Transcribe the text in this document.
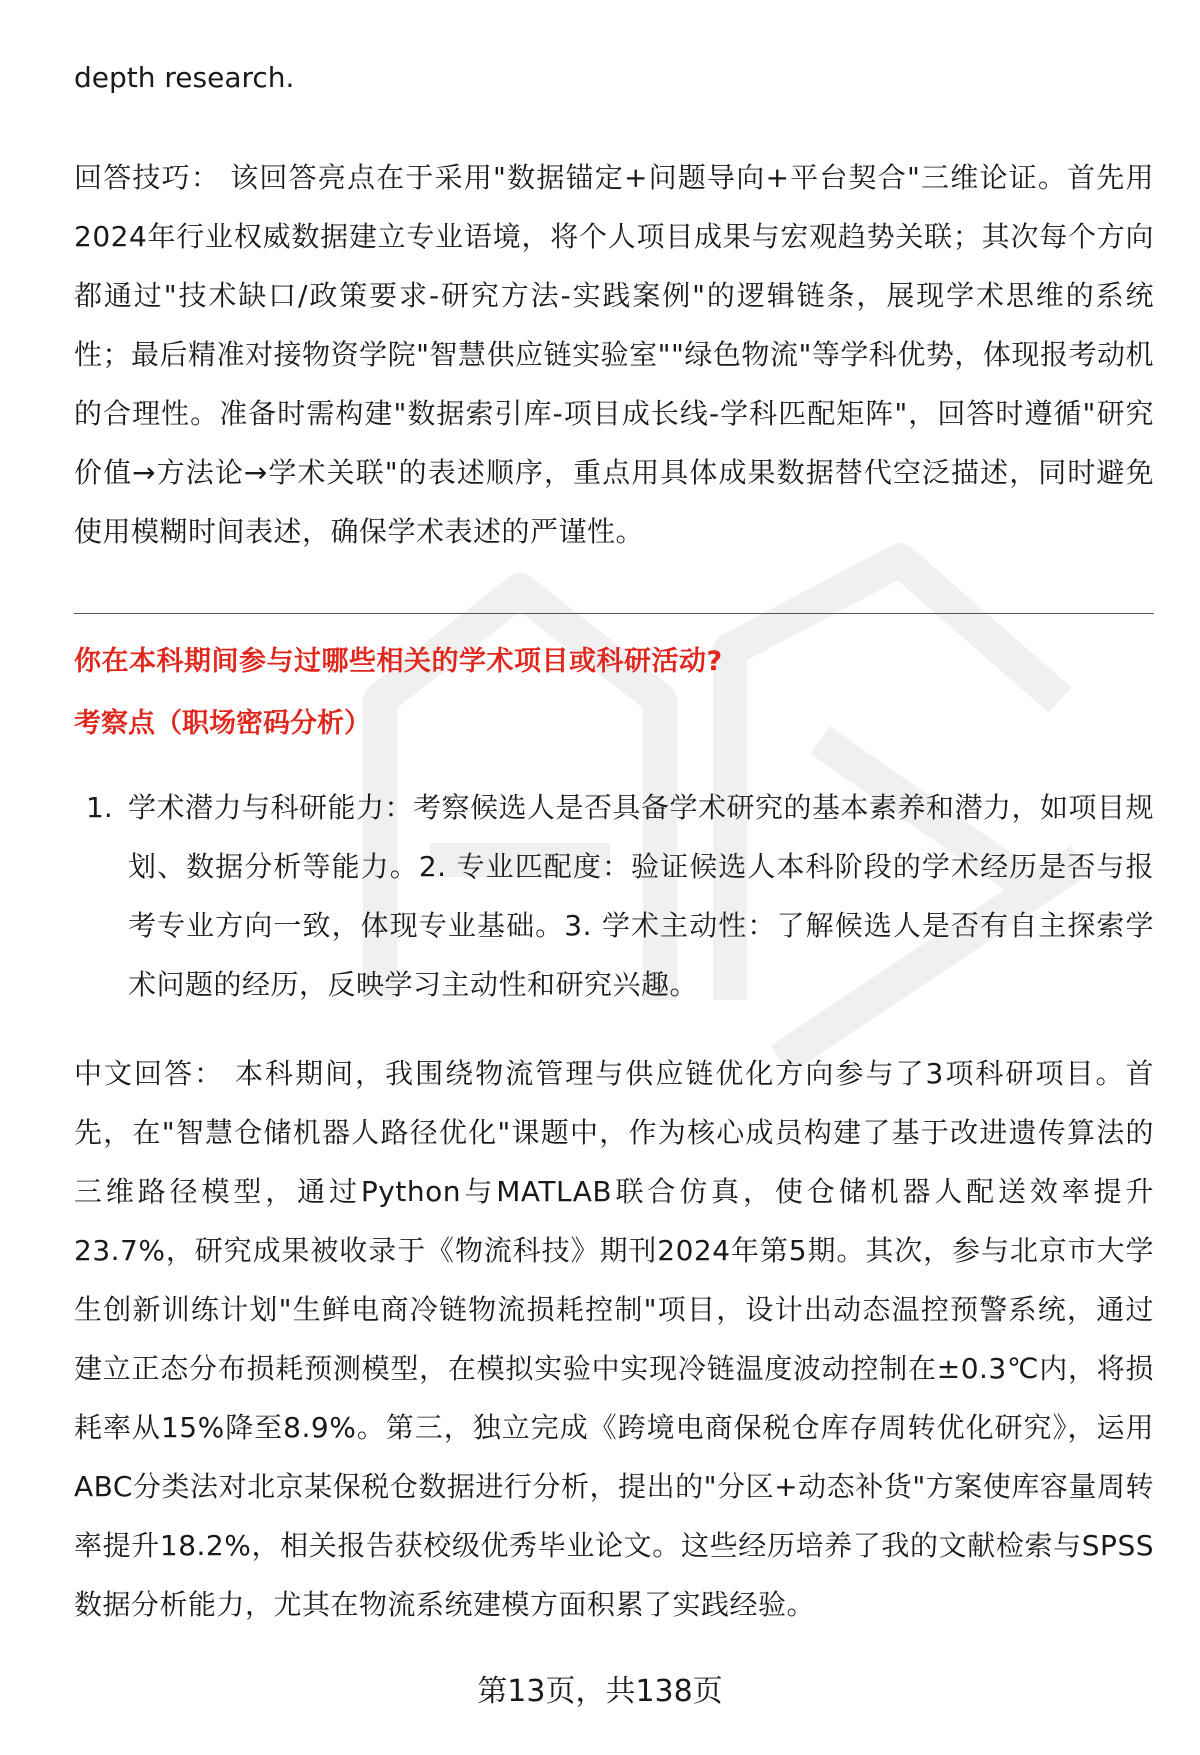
depth research.

回答技巧： 该回答亮点在于采用"数据锚定+问题导向+平台契合"三维论证。首先用2024年行业权威数据建立专业语境，将个人项目成果与宏观趋势关联；其次每个方向都通过"技术缺口/政策要求-研究方法-实践案例"的逻辑链条，展现学术思维的系统性；最后精准对接物资学院"智慧供应链实验室""绿色物流"等学科优势，体现报考动机的合理性。准备时需构建"数据索引库-项目成长线-学科匹配矩阵"，回答时遵循"研究价值→方法论→学术关联"的表述顺序，重点用具体成果数据替代空泛描述，同时避免使用模糊时间表述，确保学术表述的严谨性。

你在本科期间参与过哪些相关的学术项目或科研活动?

考察点（职场密码分析）

1. 学术潜力与科研能力：考察候选人是否具备学术研究的基本素养和潜力，如项目规划、数据分析等能力。2. 专业匹配度：验证候选人本科阶段的学术经历是否与报考专业方向一致，体现专业基础。3. 学术主动性：了解候选人是否有自主探索学术问题的经历，反映学习主动性和研究兴趣。

中文回答： 本科期间，我围绕物流管理与供应链优化方向参与了3项科研项目。首先，在"智慧仓储机器人路径优化"课题中，作为核心成员构建了基于改进遗传算法的三维路径模型，通过Python与MATLAB联合仿真，使仓储机器人配送效率提升23.7%，研究成果被收录于《物流科技》期刊2024年第5期。其次，参与北京市大学生创新训练计划"生鲜电商冷链物流损耗控制"项目，设计出动态温控预警系统，通过建立正态分布损耗预测模型，在模拟实验中实现冷链温度波动控制在±0.3℃内，将损耗率从15%降至8.9%。第三，独立完成《跨境电商保税仓库存周转优化研究》，运用ABC分类法对北京某保税仓数据进行分析，提出的"分区+动态补货"方案使库容量周转率提升18.2%，相关报告获校级优秀毕业论文。这些经历培养了我的文献检索与SPSS数据分析能力，尤其在物流系统建模方面积累了实践经验。

第13页，共138页
